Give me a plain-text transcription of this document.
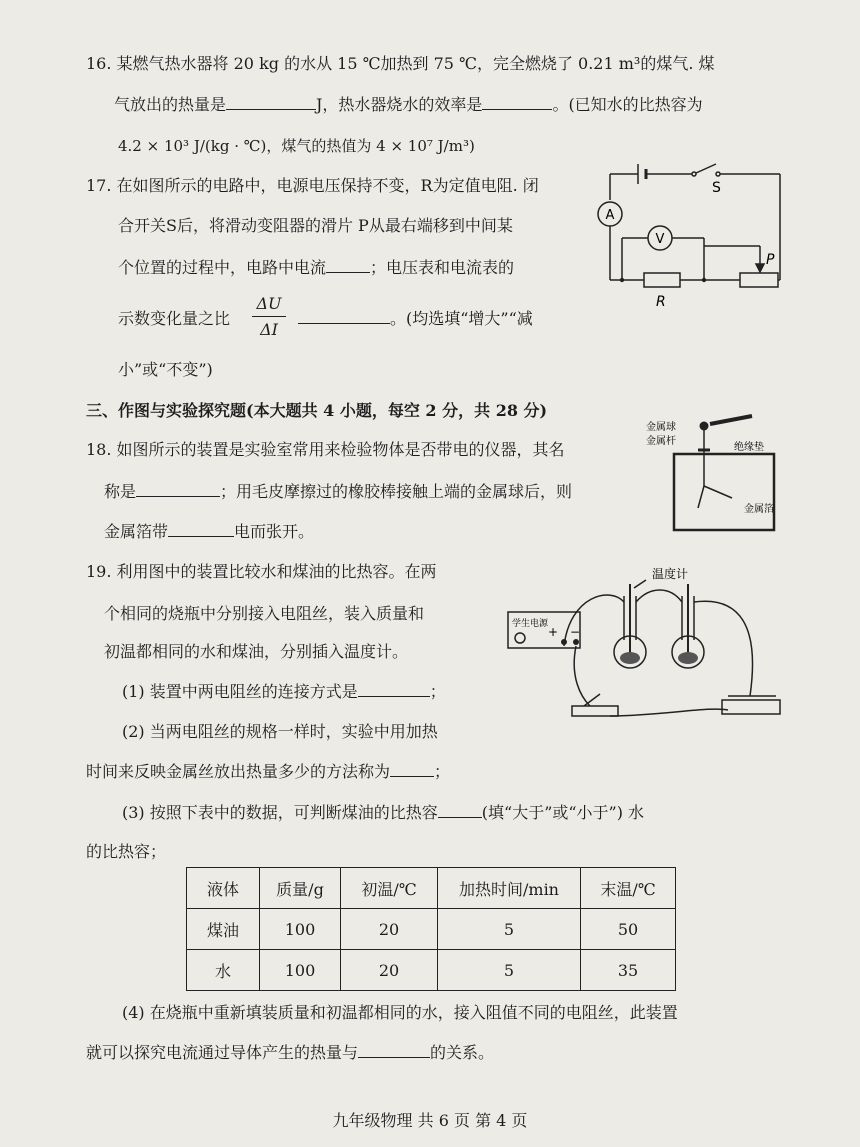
16. 某燃气热水器将 20 kg 的水从 15 ℃加热到 75 ℃，完全燃烧了 0.21 m³的煤气. 煤
气放出的热量是	J，热水器烧水的效率是	。(已知水的比热容为
4.2 × 10³ J/(kg · ℃)，煤气的热值为 4 × 10⁷ J/m³)
17. 在如图所示的电路中，电源电压保持不变，R为定值电阻. 闭
合开关S后，将滑动变阻器的滑片 P从最右端移到中间某
个位置的过程中，电路中电流	；电压表和电流表的
示数变化量之比
ΔU
ΔI
。(均选填“增大”“减
小”或“不变”)
A
V
S
R
P
三、作图与实验探究题(本大题共 4 小题，每空 2 分，共 28 分)
18. 如图所示的装置是实验室常用来检验物体是否带电的仪器，其名
称是	；用毛皮摩擦过的橡胶棒接触上端的金属球后，则
金属箔带	电而张开。
金属球
金属杆
绝缘垫
金属箔
19. 利用图中的装置比较水和煤油的比热容。在两
个相同的烧瓶中分别接入电阻丝，装入质量和
初温都相同的水和煤油，分别插入温度计。
(1) 装置中两电阻丝的连接方式是	；
(2) 当两电阻丝的规格一样时，实验中用加热
时间来反映金属丝放出热量多少的方法称为	；
(3) 按照下表中的数据，可判断煤油的比热容	(填“大于”或“小于”) 水
的比热容；
温度计
学生电源
+ −
液体	质量/g	初温/℃	加热时间/min	末温/℃
煤油	100	20	5	50
水	100	20	5	35
(4) 在烧瓶中重新填装质量和初温都相同的水，接入阻值不同的电阻丝，此装置
就可以探究电流通过导体产生的热量与	的关系。
九年级物理 共 6 页 第 4 页
